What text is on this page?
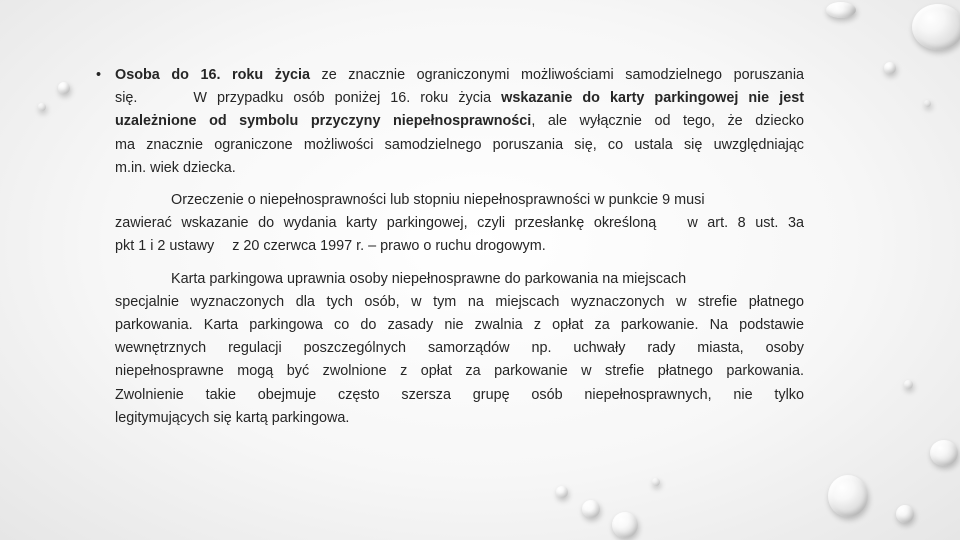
• Osoba do 16. roku życia ze znacznie ograniczonymi możliwościami samodzielnego poruszania
się.	W przypadku osób poniżej 16. roku życia wskazanie do karty parkingowej nie jest
uzależnione od symbolu przyczyny niepełnosprawności, ale wyłącznie od tego, że dziecko
ma znacznie ograniczone możliwości samodzielnego poruszania się, co ustala się uwzględniając
m.in. wiek dziecka.
Orzeczenie o niepełnosprawności lub stopniu niepełnosprawności w punkcie 9 musi
zawierać wskazanie do wydania karty parkingowej, czyli przesłankę określoną w art. 8 ust. 3a
pkt 1 i 2 ustawy z 20 czerwca 1997 r. – prawo o ruchu drogowym.
Karta parkingowa uprawnia osoby niepełnosprawne do parkowania na miejscach
specjalnie wyznaczonych dla tych osób, w tym na miejscach wyznaczonych w strefie płatnego
parkowania. Karta parkingowa co do zasady nie zwalnia z opłat za parkowanie. Na podstawie
wewnętrznych regulacji poszczególnych samorządów np. uchwały rady miasta, osoby
niepełnosprawne mogą być zwolnione z opłat za parkowanie w strefie płatnego parkowania.
Zwolnienie takie obejmuje często szersza grupę osób niepełnosprawnych, nie tylko
legitymujących się kartą parkingowa.
